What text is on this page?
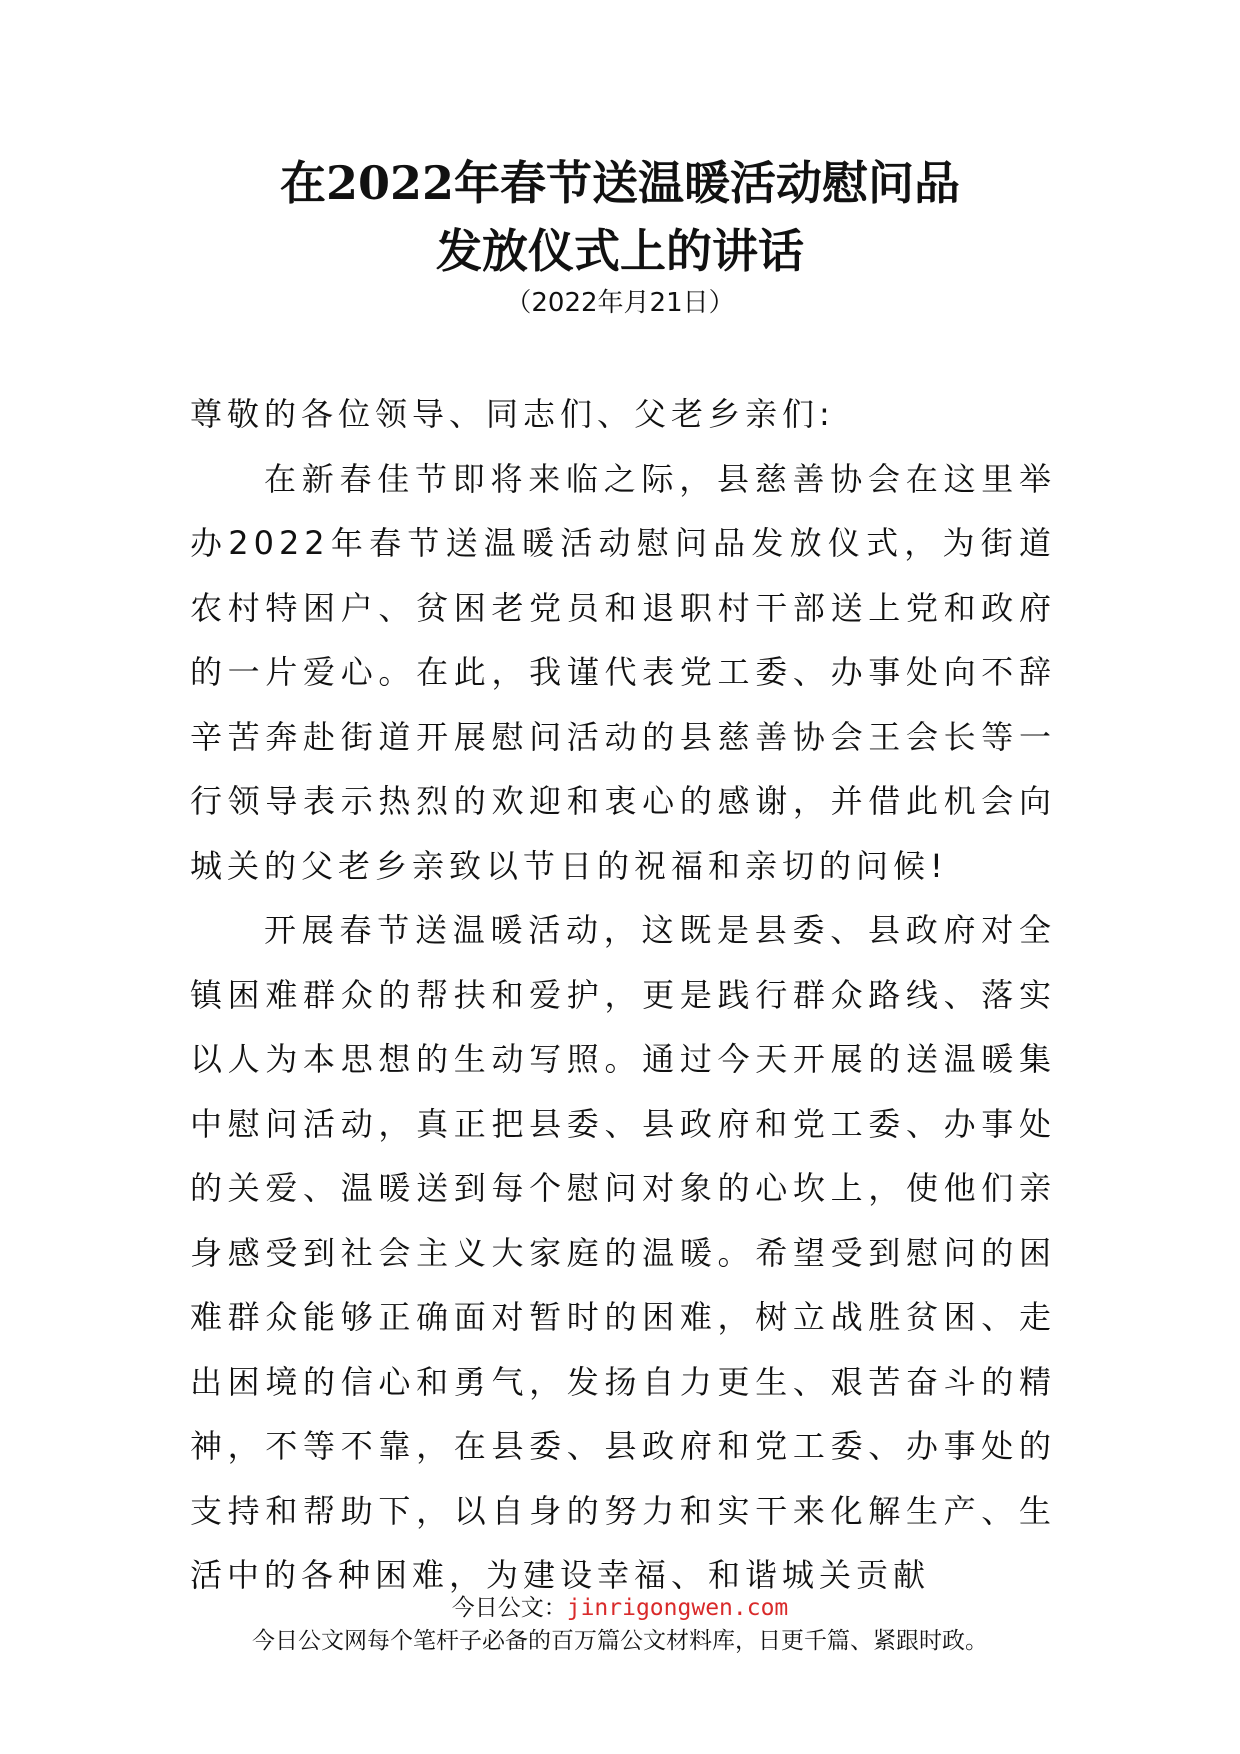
在2022年春节送温暖活动慰问品
发放仪式上的讲话
（2022年月21日）

尊敬的各位领导、同志们、父老乡亲们:

在新春佳节即将来临之际，县慈善协会在这里举办2022年春节送温暖活动慰问品发放仪式，为街道农村特困户、贫困老党员和退职村干部送上党和政府的一片爱心。在此，我谨代表党工委、办事处向不辞辛苦奔赴街道开展慰问活动的县慈善协会王会长等一行领导表示热烈的欢迎和衷心的感谢，并借此机会向城关的父老乡亲致以节日的祝福和亲切的问候!

开展春节送温暖活动，这既是县委、县政府对全镇困难群众的帮扶和爱护，更是践行群众路线、落实以人为本思想的生动写照。通过今天开展的送温暖集中慰问活动，真正把县委、县政府和党工委、办事处的关爱、温暖送到每个慰问对象的心坎上，使他们亲身感受到社会主义大家庭的温暖。希望受到慰问的困难群众能够正确面对暂时的困难，树立战胜贫困、走出困境的信心和勇气，发扬自力更生、艰苦奋斗的精神，不等不靠，在县委、县政府和党工委、办事处的支持和帮助下，以自身的努力和实干来化解生产、生活中的各种困难，为建设幸福、和谐城关贡献

今日公文：jinrigongwen.com
今日公文网每个笔杆子必备的百万篇公文材料库，日更千篇、紧跟时政。
